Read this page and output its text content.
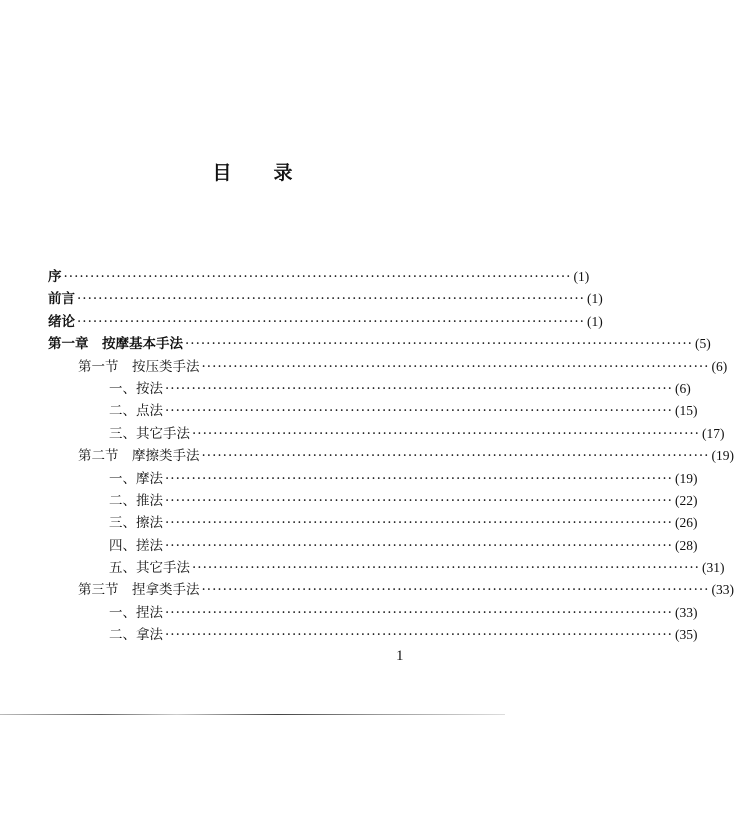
目 录
序 ································································································ (1)
前言 ································································································ (1)
绪论 ································································································ (1)
第一章　按摩基本手法 ································································································ (5)
第一节　按压类手法 ································································································ (6)
一、按法 ································································································ (6)
二、点法 ································································································ (15)
三、其它手法 ································································································ (17)
第二节　摩擦类手法 ································································································ (19)
一、摩法 ································································································ (19)
二、推法 ································································································ (22)
三、擦法 ································································································ (26)
四、搓法 ································································································ (28)
五、其它手法 ································································································ (31)
第三节　捏拿类手法 ································································································ (33)
一、捏法 ································································································ (33)
二、拿法 ································································································ (35)
1
